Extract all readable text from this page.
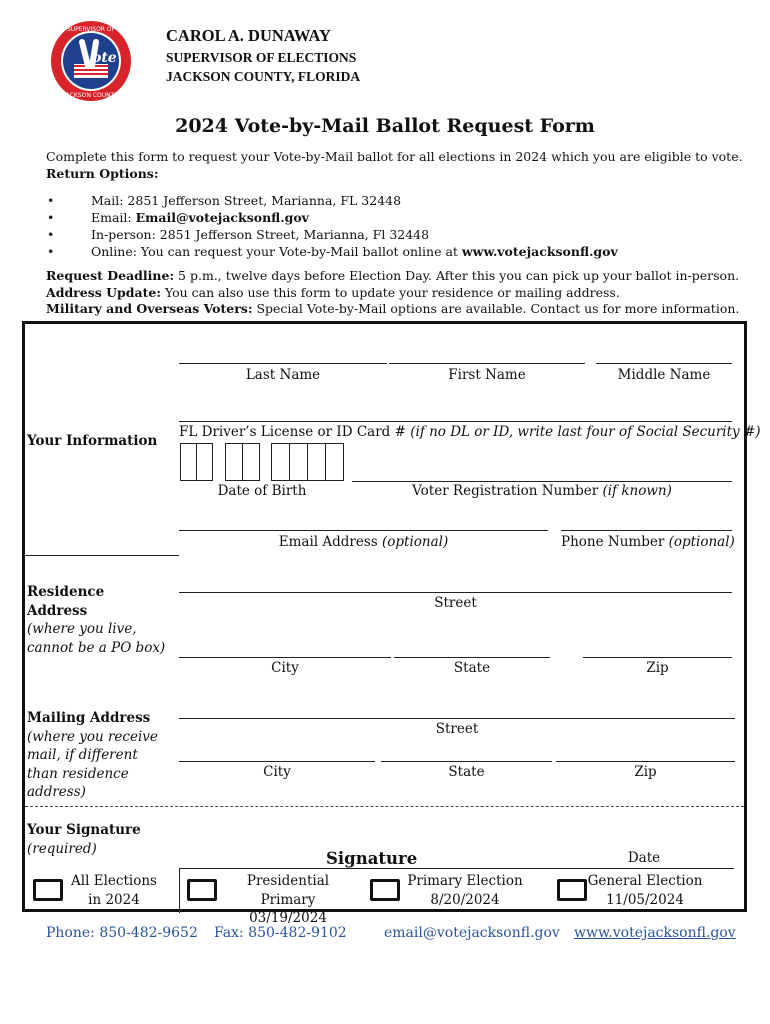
ote
SUPERVISOR OF
JACKSON COUNTY
CAROL A. DUNAWAY
SUPERVISOR OF ELECTIONS
JACKSON COUNTY, FLORIDA
2024 Vote-by-Mail Ballot Request Form
Complete this form to request your Vote-by-Mail ballot for all elections in 2024 which you are eligible to vote.
Return Options:
• Mail: 2851 Jefferson Street, Marianna, FL 32448
• Email: Email@votejacksonfl.gov
• In-person: 2851 Jefferson Street, Marianna, Fl 32448
• Online: You can request your Vote-by-Mail ballot online at www.votejacksonfl.gov
Request Deadline: 5 p.m., twelve days before Election Day. After this you can pick up your ballot in-person.
Address Update: You can also use this form to update your residence or mailing address.
Military and Overseas Voters: Special Vote-by-Mail options are available. Contact us for more information.
Your Information
Last Name	First Name	Middle Name
FL Driver’s License or ID Card # (if no DL or ID, write last four of Social Security #)
Date of Birth	Voter Registration Number (if known)
Email Address (optional)	Phone Number (optional)
Residence Address
(where you live, cannot be a PO box)
Street
City	State	Zip
Mailing Address
(where you receive mail, if different than residence address)
Street
City	State	Zip
Your Signature
(required)
Signature	Date
All Elections
in 2024
Presidential Primary
03/19/2024
Primary Election
8/20/2024
General Election
11/05/2024
Phone: 850-482-9652 Fax: 850-482-9102	email@votejacksonfl.gov www.votejacksonfl.gov
